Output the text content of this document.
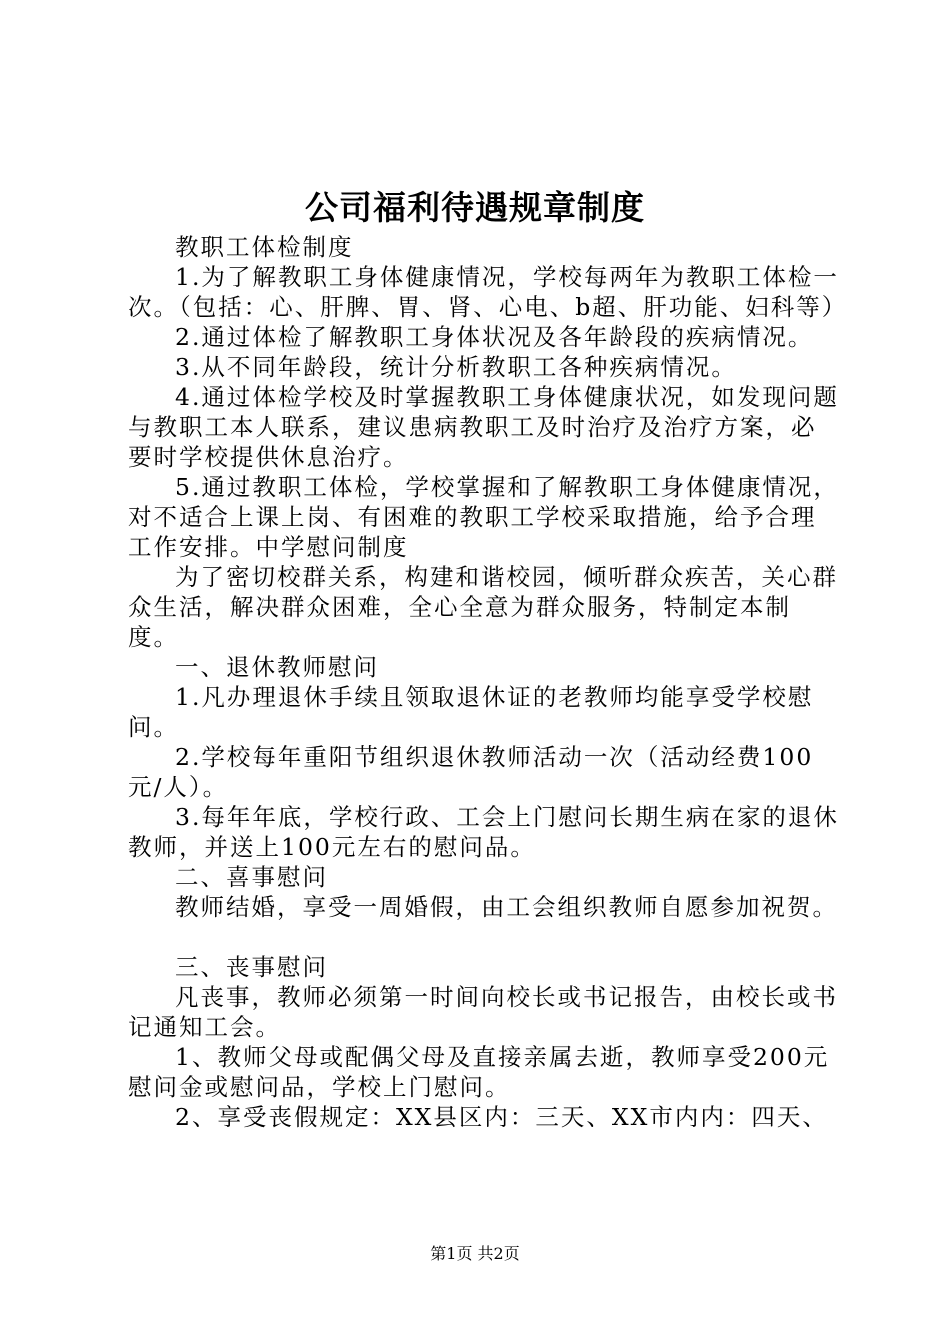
公司福利待遇规章制度

教职工体检制度

1.为了解教职工身体健康情况，学校每两年为教职工体检一次。（包括：心、肝脾、胃、肾、心电、b超、肝功能、妇科等）

2.通过体检了解教职工身体状况及各年龄段的疾病情况。

3.从不同年龄段，统计分析教职工各种疾病情况。

4.通过体检学校及时掌握教职工身体健康状况，如发现问题与教职工本人联系，建议患病教职工及时治疗及治疗方案，必要时学校提供休息治疗。

5.通过教职工体检，学校掌握和了解教职工身体健康情况，对不适合上课上岗、有困难的教职工学校采取措施，给予合理工作安排。中学慰问制度

为了密切校群关系，构建和谐校园，倾听群众疾苦，关心群众生活，解决群众困难，全心全意为群众服务，特制定本制度。

一、退休教师慰问

1.凡办理退休手续且领取退休证的老教师均能享受学校慰问。

2.学校每年重阳节组织退休教师活动一次（活动经费100元/人）。

3.每年年底，学校行政、工会上门慰问长期生病在家的退休教师，并送上100元左右的慰问品。

二、喜事慰问

教师结婚，享受一周婚假，由工会组织教师自愿参加祝贺。

三、丧事慰问

凡丧事，教师必须第一时间向校长或书记报告，由校长或书记通知工会。

1、教师父母或配偶父母及直接亲属去逝，教师享受200元慰问金或慰问品，学校上门慰问。

2、享受丧假规定：XX县区内：三天、XX市内内：四天、

第1页 共2页
